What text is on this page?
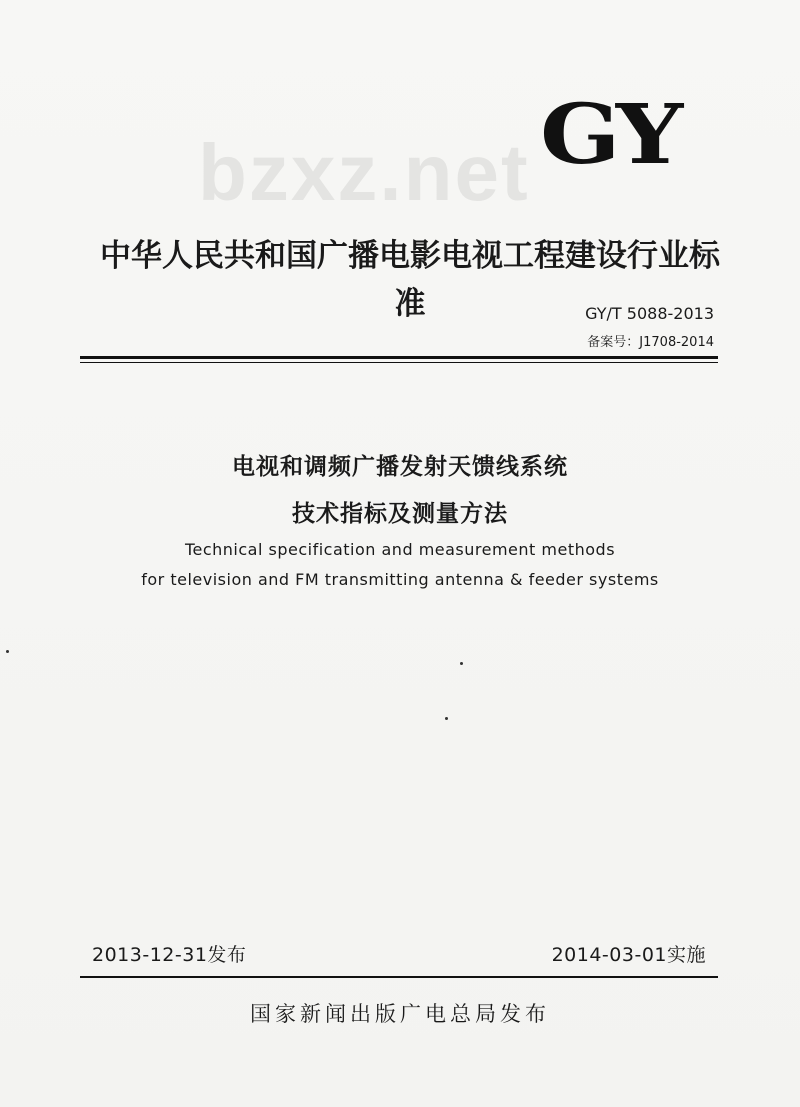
bzxz.net GY
中华人民共和国广播电影电视工程建设行业标准	GY/T 5088-2013
备案号：J1708-2014
电视和调频广播发射天馈线系统
技术指标及测量方法
Technical specification and measurement methods
for television and FM transmitting antenna & feeder systems
2013-12-31发布	2014-03-01实施
国家新闻出版广电总局发布
